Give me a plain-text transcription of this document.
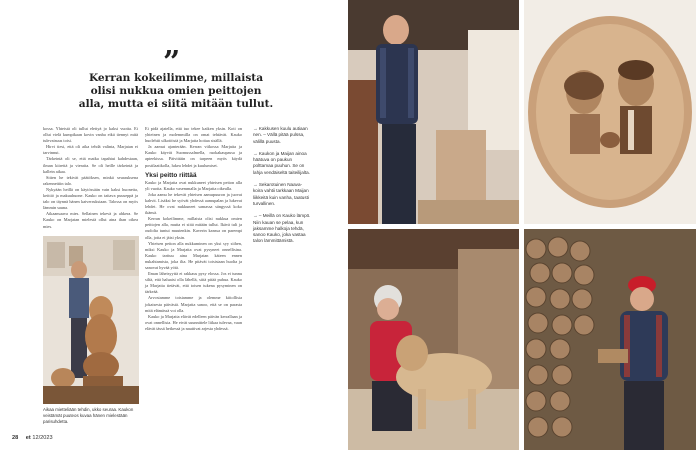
”
Kerran kokeilimme, millaista olisi nukkua omien peittojen alla, mutta ei siitä mitään tullut.

kossa. Yhteistä oli tullut elettyä jo kaksi vuotta. Ei ollut vielä kumpikaan kovin vanha eikä tiennyt mitä tulevaisuus toisi.

Hirvi tiesi, että oli aika tehdä valinta, Marjatan ei tarvinnut.

Tärkeintä oli se, että matka tapahtui kahdestaan, ilman kiirettä ja vieraita. Se oli heille tärkeintä ja kallein aikaa.

Sitten he tekivät päätöksen, minkä seurauksena rakennettiin talo.

Nykyään heillä on käytössään vain kaksi huonetta, keittiö ja makuuhuone. Kauko on taitava puuseppä ja talo on täynnä hänen kaiverruksiaan. Talossa on myös lämmin sauna.

Aikaansaava mies. Sellainen tekevä ja ahkera. Se Kauko on Marjatan mielestä ollut aina ihan oikea mies.

Ei pidä ajatella, että tuo tekee kaiken yksin. Koti on yhteinen ja molemmilla on omat tehtävät. Kauko huolehtii ulkotöistä ja Marjatta hoitaa sisällä.

Ja aamut ajanterään. Kerran viikossa Marjatta ja Kauko käyvät Suomussalmella, ruokakaupassa ja apteekissa. Päivittäin on tarpeen myös käydä postilaatikolla, lukea lehdet ja kuulumiset.

Yksi peitto riittää

Kauko ja Marjatta ovat nukkuneet yhteisen peiton alla yli vuotta. Kauko vasemmalla ja Marjatta oikealla.

Joka aamu he tekevät yhteisen aamupuuron ja juovat kahvit. Lisäksi he syövät yhdessä aamupalan ja lukevat lehdet. He ovat nukkuneet samassa sängyssä koko ikänsä.

Kerran kokeilimme, millaista olisi nukkua omien peittojen alla, mutta ei siitä mitään tullut. Ikävä tuli ja oudolta tuntui muutenkin. Kaverin kanssa on parempi olla, jotta ei jäisi yksin.

Yhteisen peiton alla nukkuminen on yksi syy siihen, miksi Kauko ja Marjatta ovat pysyneet onnellisina. Kauko tarttuu aina Marjatan käteen ennen nukahtamista, joka ilta. He pitävät toisistaan huolta ja sanovat hyvää yötä.

Ilman läheisyyttä ei rakkaus pysy elossa. Jos ei tunnu siltä, että haluaisi olla lähellä, siitä pitää puhua. Kauko ja Marjatta tietävät, että toisen tukena pysyminen on tärkeää.

Arvostamme toisiamme ja olemme kiitollisia jokaisesta päivästä. Marjatta sanoo, että se on parasta mitä elämässä voi olla.

Kauko ja Marjatta elävät edelleen päivän kerrallaan ja ovat onnellisia. He eivät suunnittele liikaa tulevaa, vaan elävät tässä hetkessä ja nauttivat arjesta yhdessä.

→ Kakkusen kuulu autiaan nen. – Vällä pitää pulssa, välillä puusta.
→ Kaukon ja Maijan ainoa häätuva on paukun polttamaa puuhun. Se on lahja vendäiseltä taiteilijalta.
→ Sekarotuinen Naava-koira vahtii tarkkaan Maijan liikkeitä kuin vanha, taatusti turvallinen.
→ – Meillä on Kauko lämpö. Niin kauan se pelaa, kun jaksamme halkoja tehdä, sanoo Kauko, joka vastaa talon lämmittämistä.
Aikaa mietteliään tehdin, ukko seuraa. Kaukon veistämät puuteos kuvaa hänen mielestään parisuhdetta.
28 et 12/2023
